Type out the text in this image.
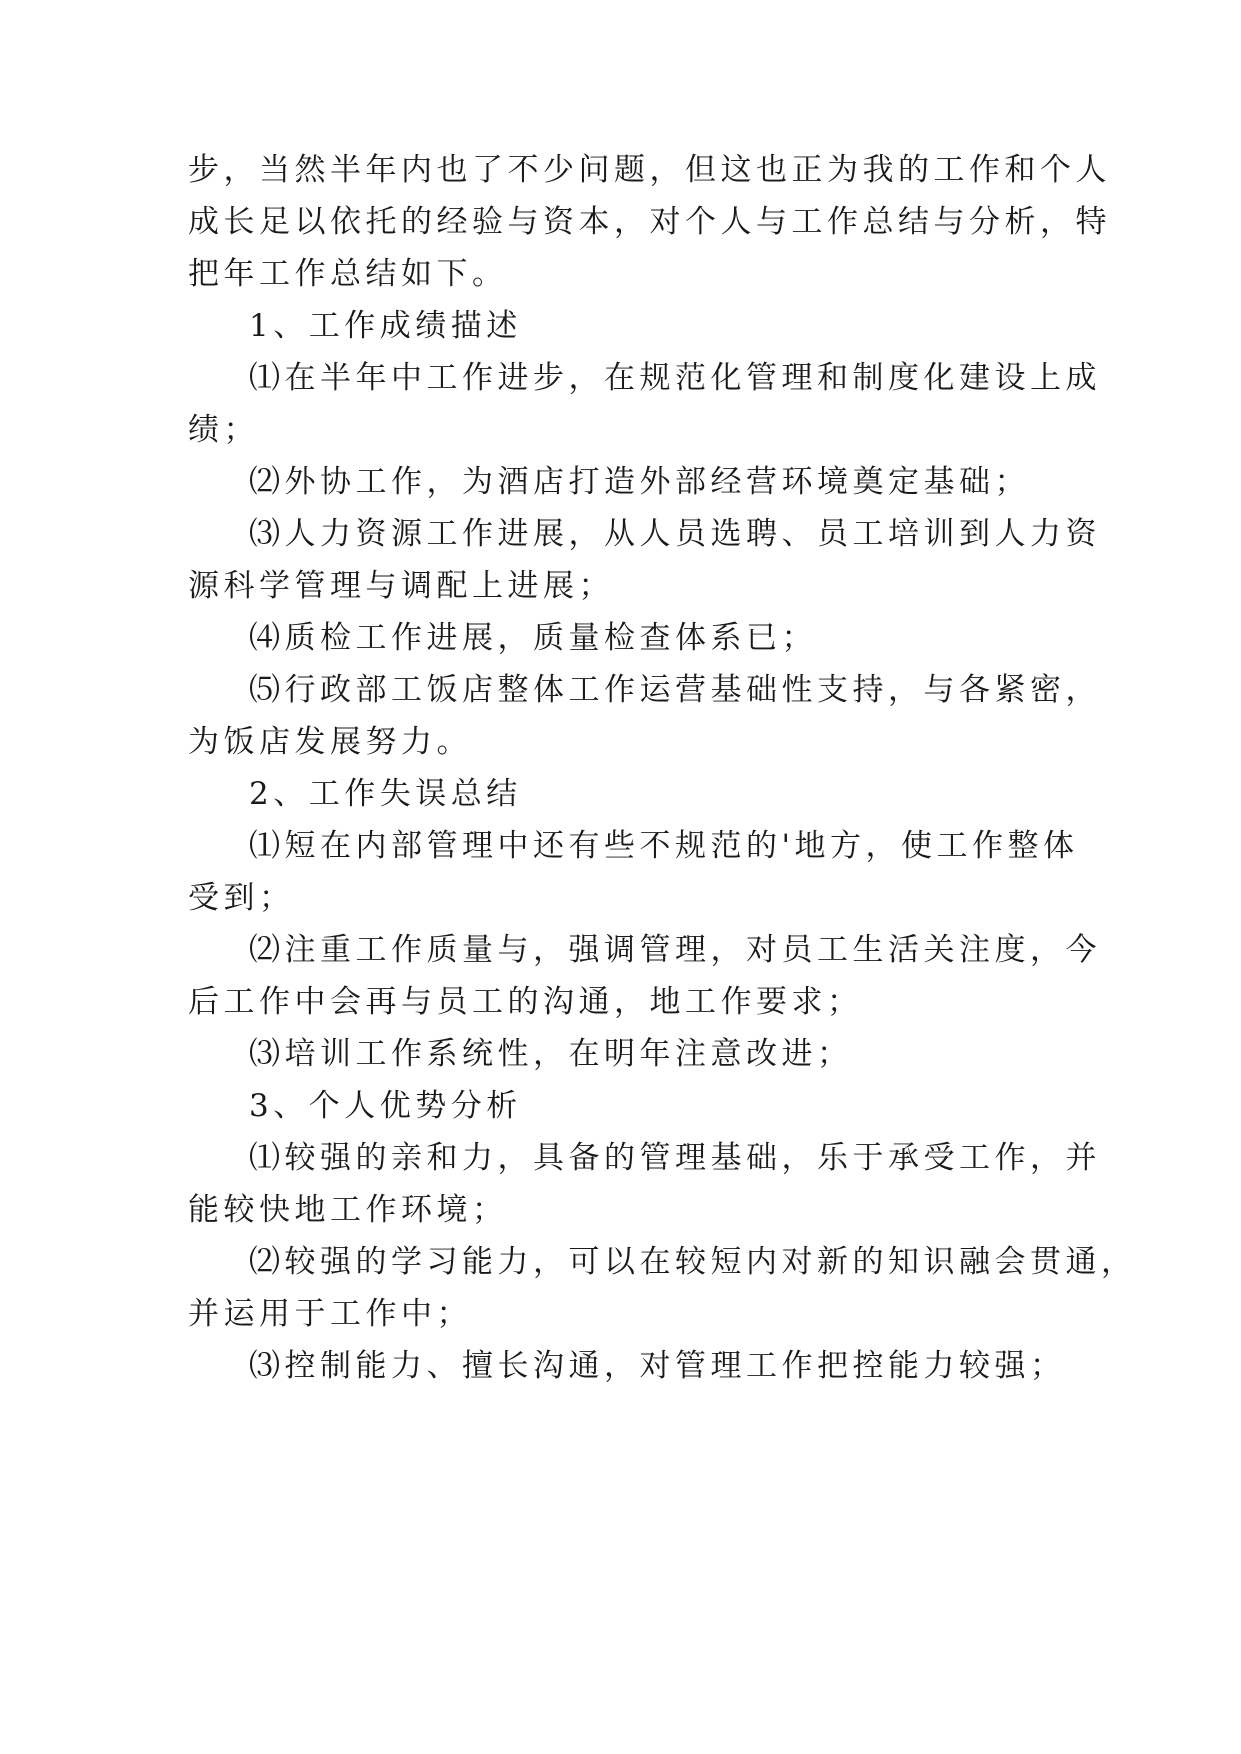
步，当然半年内也了不少问题，但这也正为我的工作和个人
成长足以依托的经验与资本，对个人与工作总结与分析，特
把年工作总结如下。
1、工作成绩描述
⑴在半年中工作进步，在规范化管理和制度化建设上成
绩；
⑵外协工作，为酒店打造外部经营环境奠定基础；
⑶人力资源工作进展，从人员选聘、员工培训到人力资
源科学管理与调配上进展；
⑷质检工作进展，质量检查体系已；
⑸行政部工饭店整体工作运营基础性支持，与各紧密，
为饭店发展努力。
2、工作失误总结
⑴短在内部管理中还有些不规范的'地方，使工作整体
受到；
⑵注重工作质量与，强调管理，对员工生活关注度，今
后工作中会再与员工的沟通，地工作要求；
⑶培训工作系统性，在明年注意改进；
3、个人优势分析
⑴较强的亲和力，具备的管理基础，乐于承受工作，并
能较快地工作环境；
⑵较强的学习能力，可以在较短内对新的知识融会贯通，
并运用于工作中；
⑶控制能力、擅长沟通，对管理工作把控能力较强；
